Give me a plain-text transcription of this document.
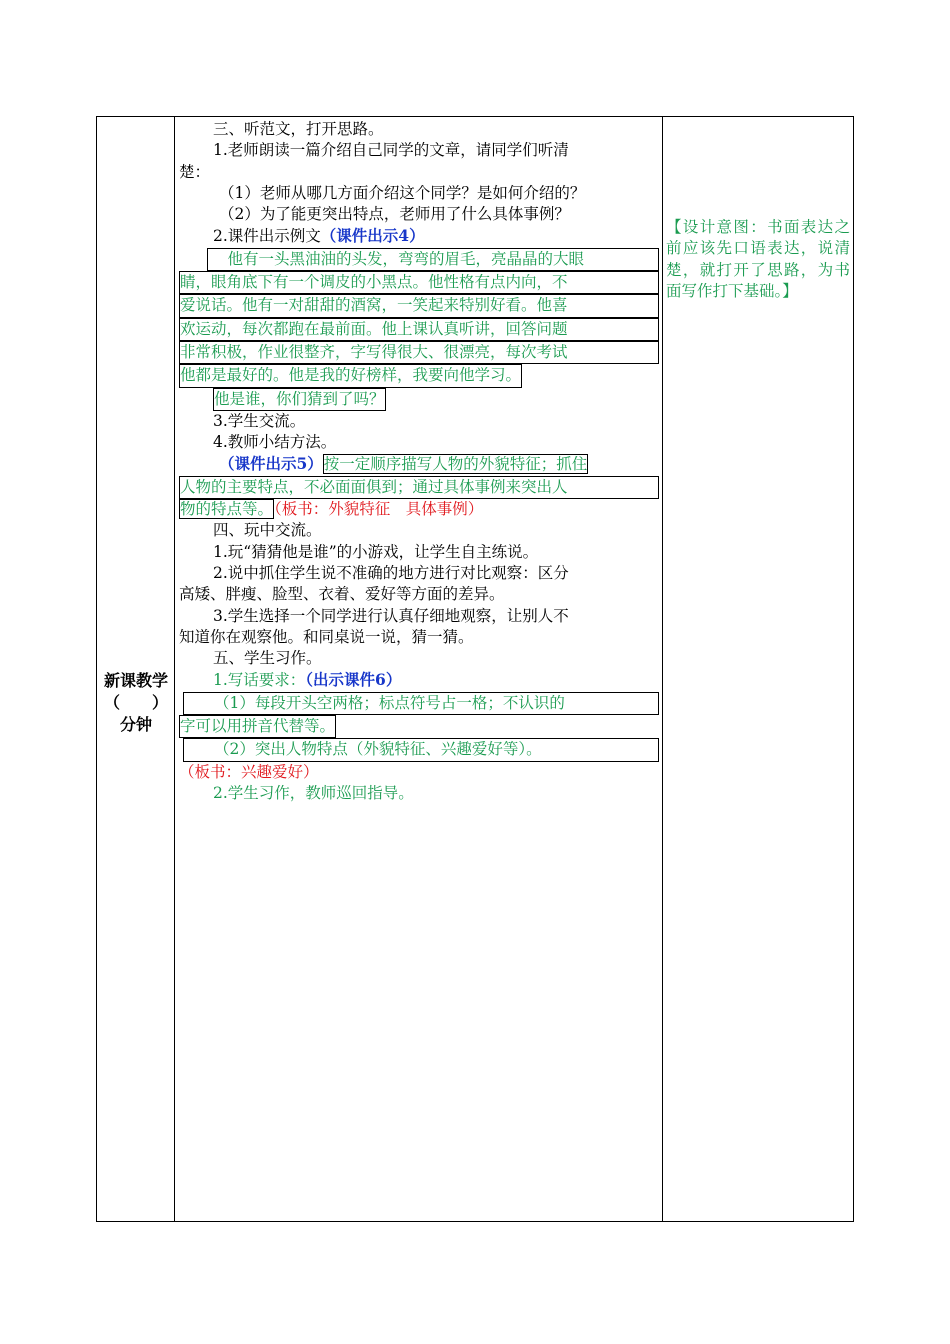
新课教学
（　　）
分钟
三、听范文，打开思路。
1.老师朗读一篇介绍自己同学的文章，请同学们听清
楚：
（1）老师从哪几方面介绍这个同学？是如何介绍的？
（2）为了能更突出特点，老师用了什么具体事例？
2.课件出示例文（课件出示4）
　他有一头黑油油的头发，弯弯的眉毛，亮晶晶的大眼
睛，眼角底下有一个调皮的小黑点。他性格有点内向，不
爱说话。他有一对甜甜的酒窝，一笑起来特别好看。他喜
欢运动，每次都跑在最前面。他上课认真听讲，回答问题
非常积极，作业很整齐，字写得很大、很漂亮，每次考试
他都是最好的。他是我的好榜样，我要向他学习。
他是谁，你们猜到了吗？
3.学生交流。
4.教师小结方法。
（课件出示5）按一定顺序描写人物的外貌特征；抓住
人物的主要特点，不必面面俱到；通过具体事例来突出人
物的特点等。（板书：外貌特征　具体事例）
四、玩中交流。
1.玩“猜猜他是谁”的小游戏，让学生自主练说。
2.说中抓住学生说不准确的地方进行对比观察：区分
高矮、胖瘦、脸型、衣着、爱好等方面的差异。
3.学生选择一个同学进行认真仔细地观察，让别人不
知道你在观察他。和同桌说一说，猜一猜。
五、学生习作。
1.写话要求：（出示课件6）
（1）每段开头空两格；标点符号占一格；不认识的
字可以用拼音代替等。
（2）突出人物特点（外貌特征、兴趣爱好等）。
（板书：兴趣爱好）
2.学生习作，教师巡回指导。
【设计意图：书面表达之前应该先口语表达，说清楚，就打开了思路，为书面写作打下基础。】
